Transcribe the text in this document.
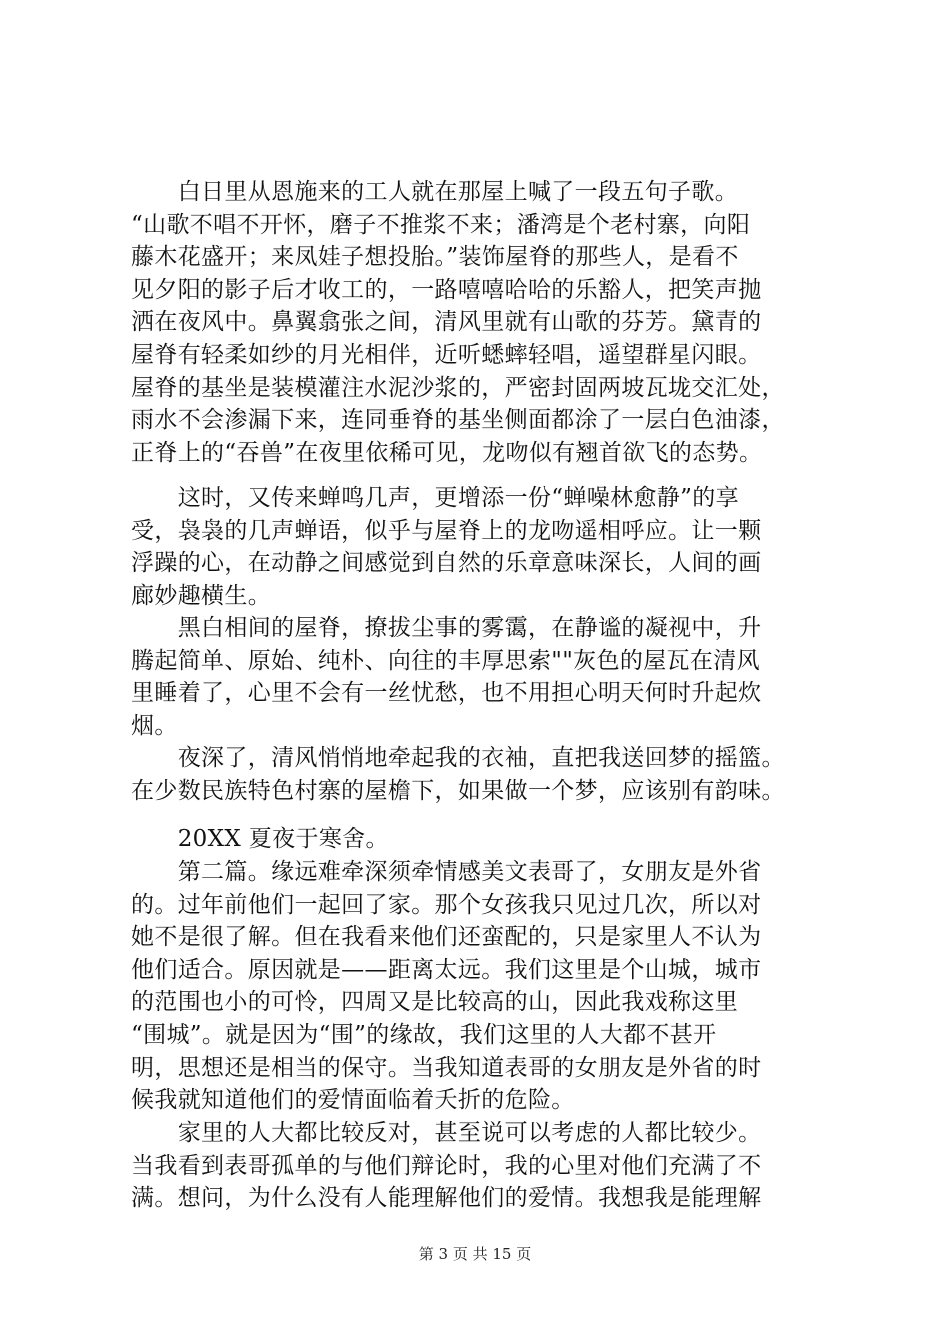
　　白日里从恩施来的工人就在那屋上喊了一段五句子歌。
“山歌不唱不开怀，磨子不推浆不来；潘湾是个老村寨，向阳
藤木花盛开；来凤娃子想投胎。”装饰屋脊的那些人，是看不
见夕阳的影子后才收工的，一路嘻嘻哈哈的乐豁人，把笑声抛
洒在夜风中。鼻翼翕张之间，清风里就有山歌的芬芳。黛青的
屋脊有轻柔如纱的月光相伴，近听蟋蟀轻唱，遥望群星闪眼。
屋脊的基坐是装模灌注水泥沙浆的，严密封固两坡瓦垅交汇处，
雨水不会渗漏下来，连同垂脊的基坐侧面都涂了一层白色油漆，
正脊上的“吞兽”在夜里依稀可见，龙吻似有翘首欲飞的态势。
　　这时，又传来蝉鸣几声，更增添一份“蝉噪林愈静”的享
受，袅袅的几声蝉语，似乎与屋脊上的龙吻遥相呼应。让一颗
浮躁的心，在动静之间感觉到自然的乐章意味深长，人间的画
廊妙趣横生。
　　黑白相间的屋脊，撩拔尘事的雾霭，在静谧的凝视中，升
腾起简单、原始、纯朴、向往的丰厚思索""灰色的屋瓦在清风
里睡着了，心里不会有一丝忧愁，也不用担心明天何时升起炊
烟。
　　夜深了，清风悄悄地牵起我的衣袖，直把我送回梦的摇篮。
在少数民族特色村寨的屋檐下，如果做一个梦，应该别有韵味。
　　20XX 夏夜于寒舍。
　　第二篇。缘远难牵深须牵情感美文表哥了，女朋友是外省
的。过年前他们一起回了家。那个女孩我只见过几次，所以对
她不是很了解。但在我看来他们还蛮配的，只是家里人不认为
他们适合。原因就是——距离太远。我们这里是个山城，城市
的范围也小的可怜，四周又是比较高的山，因此我戏称这里
“围城”。就是因为“围”的缘故，我们这里的人大都不甚开
明，思想还是相当的保守。当我知道表哥的女朋友是外省的时
候我就知道他们的爱情面临着夭折的危险。
　　家里的人大都比较反对，甚至说可以考虑的人都比较少。
当我看到表哥孤单的与他们辩论时，我的心里对他们充满了不
满。想问，为什么没有人能理解他们的爱情。我想我是能理解
第 3 页 共 15 页
